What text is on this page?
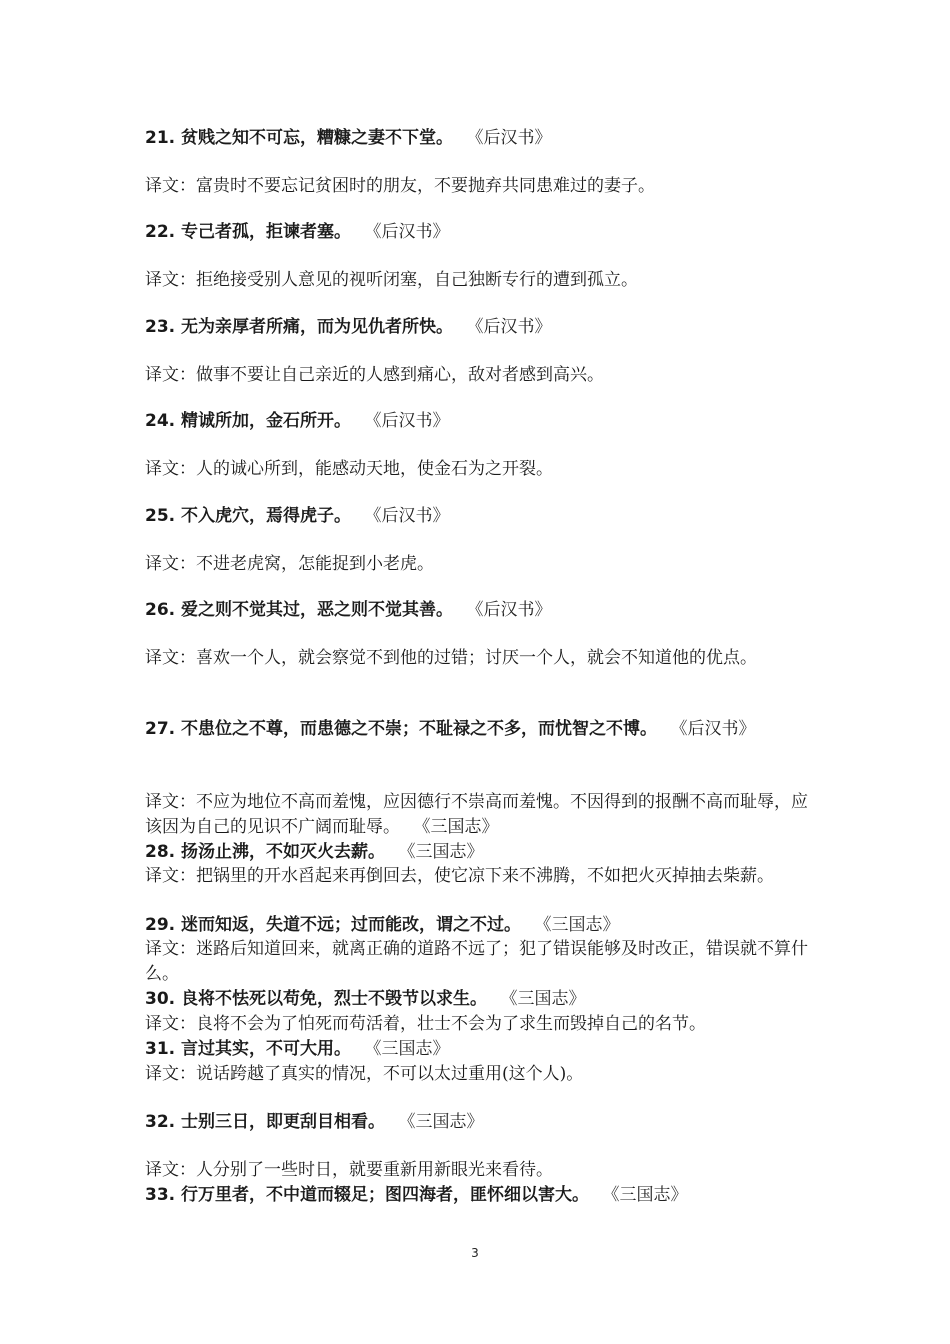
21. 贫贱之知不可忘，糟糠之妻不下堂。 《后汉书》

译文：富贵时不要忘记贫困时的朋友，不要抛弃共同患难过的妻子。

22. 专己者孤，拒谏者塞。 《后汉书》

译文：拒绝接受别人意见的视听闭塞，自己独断专行的遭到孤立。

23. 无为亲厚者所痛，而为见仇者所快。 《后汉书》

译文：做事不要让自己亲近的人感到痛心，敌对者感到高兴。

24. 精诚所加，金石所开。 《后汉书》

译文：人的诚心所到，能感动天地，使金石为之开裂。

25. 不入虎穴，焉得虎子。 《后汉书》

译文：不进老虎窝，怎能捉到小老虎。

26. 爱之则不觉其过，恶之则不觉其善。 《后汉书》

译文：喜欢一个人，就会察觉不到他的过错；讨厌一个人，就会不知道他的优点。

27. 不患位之不尊，而患德之不崇；不耻禄之不多，而忧智之不博。 《后汉书》

译文：不应为地位不高而羞愧，应因德行不崇高而羞愧。不因得到的报酬不高而耻辱，应该因为自己的见识不广阔而耻辱。 《三国志》

28. 扬汤止沸，不如灭火去薪。 《三国志》

译文：把锅里的开水舀起来再倒回去，使它凉下来不沸腾，不如把火灭掉抽去柴薪。

29. 迷而知返，失道不远；过而能改，谓之不过。 《三国志》

译文：迷路后知道回来，就离正确的道路不远了；犯了错误能够及时改正，错误就不算什么。

30. 良将不怯死以苟免，烈士不毁节以求生。 《三国志》

译文：良将不会为了怕死而苟活着，壮士不会为了求生而毁掉自己的名节。

31. 言过其实，不可大用。 《三国志》

译文：说话跨越了真实的情况，不可以太过重用(这个人)。

32. 士别三日，即更刮目相看。 《三国志》

译文：人分别了一些时日，就要重新用新眼光来看待。

33. 行万里者，不中道而辍足；图四海者，匪怀细以害大。 《三国志》

3
